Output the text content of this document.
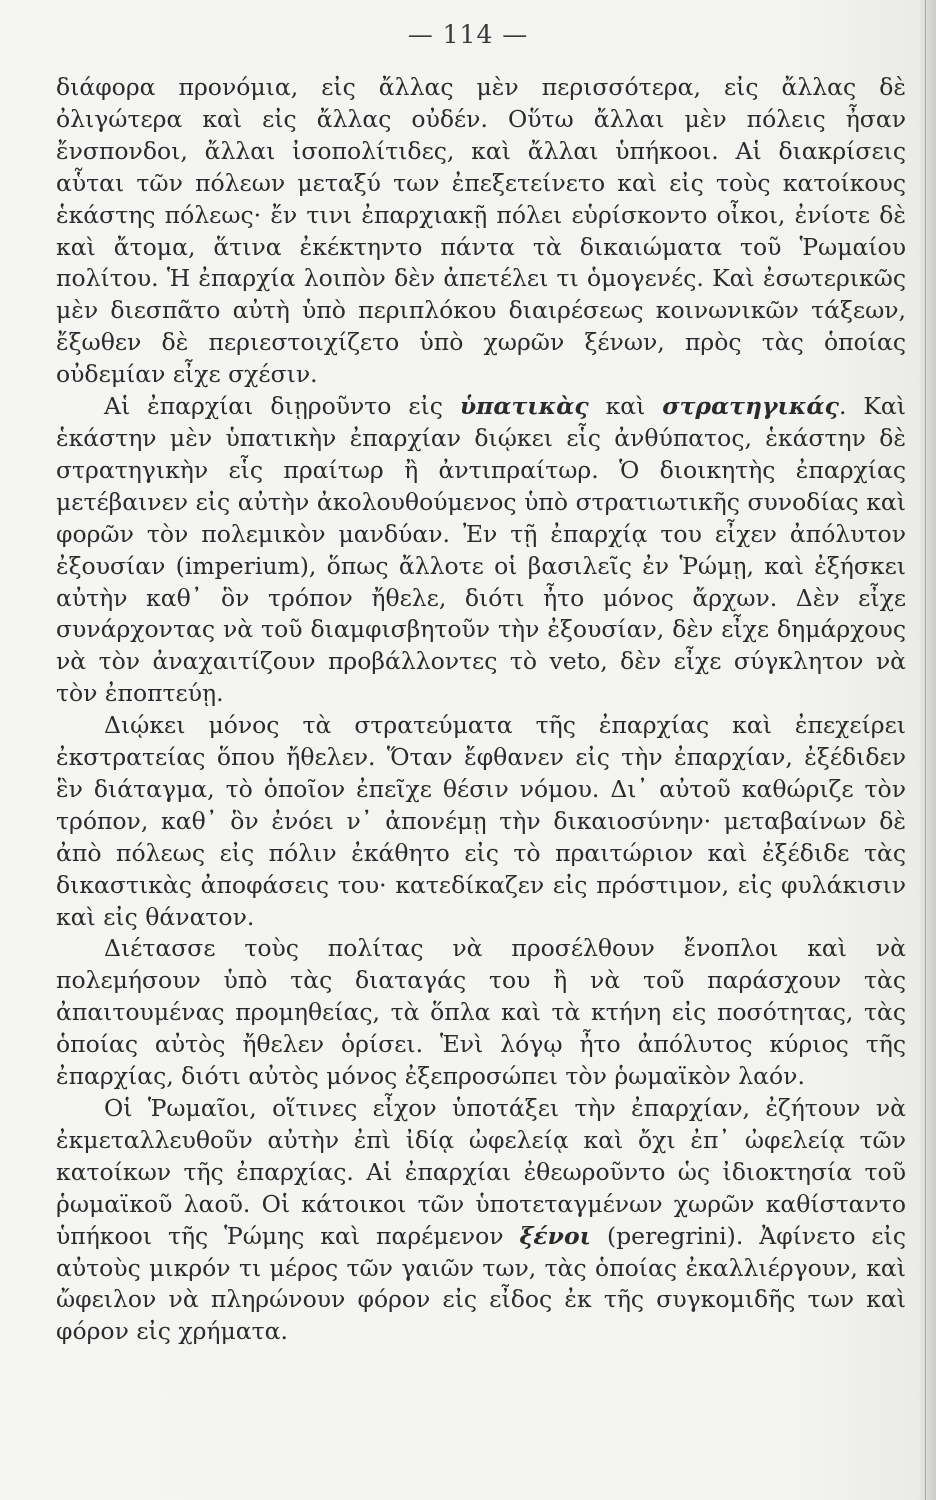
— 114 —

διάφορα προνόμια, εἰς ἄλλας μὲν περισσότερα, εἰς ἄλλας δὲ ὀλιγώτερα καὶ εἰς ἄλλας οὐδέν. Οὕτω ἄλλαι μὲν πόλεις ἦσαν ἔνσπονδοι, ἄλλαι ἰσοπολίτιδες, καὶ ἄλλαι ὑπήκοοι. Αἱ διακρίσεις αὗται τῶν πόλεων μεταξύ των ἐπεξετείνετο καὶ εἰς τοὺς κατοίκους ἑκάστης πόλεως· ἔν τινι ἐπαρχιακῇ πόλει εὑρίσκοντο οἶκοι, ἐνίοτε δὲ καὶ ἄτομα, ἅτινα ἐκέκτηντο πάντα τὰ δικαιώματα τοῦ Ῥωμαίου πολίτου. Ἡ ἐπαρχία λοιπὸν δὲν ἀπετέλει τι ὁμογενές. Καὶ ἐσωτερικῶς μὲν διεσπᾶτο αὐτὴ ὑπὸ περιπλόκου διαιρέσεως κοινωνικῶν τάξεων, ἔξωθεν δὲ περιεστοιχίζετο ὑπὸ χωρῶν ξένων, πρὸς τὰς ὁποίας οὐδεμίαν εἶχε σχέσιν.

Αἱ ἐπαρχίαι διῃροῦντο εἰς ὑπατικὰς καὶ στρατηγικάς. Καὶ ἑκάστην μὲν ὑπατικὴν ἐπαρχίαν διῴκει εἷς ἀνθύπατος, ἑκάστην δὲ στρατηγικὴν εἷς πραίτωρ ἢ ἀντιπραίτωρ. Ὁ διοικητὴς ἐπαρχίας μετέβαινεν εἰς αὐτὴν ἀκολουθούμενος ὑπὸ στρατιωτικῆς συνοδίας καὶ φορῶν τὸν πολεμικὸν μανδύαν. Ἐν τῇ ἐπαρχίᾳ του εἶχεν ἀπόλυτον ἐξουσίαν (imperium), ὅπως ἄλλοτε οἱ βασιλεῖς ἐν Ῥώμῃ, καὶ ἐξήσκει αὐτὴν καθ᾽ ὃν τρόπον ἤθελε, διότι ἦτο μόνος ἄρχων. Δὲν εἶχε συνάρχοντας νὰ τοῦ διαμφισβητοῦν τὴν ἐξουσίαν, δὲν εἶχε δημάρχους νὰ τὸν ἀναχαιτίζουν προβάλλοντες τὸ veto, δὲν εἶχε σύγκλητον νὰ τὸν ἐποπτεύῃ.

Διῴκει μόνος τὰ στρατεύματα τῆς ἐπαρχίας καὶ ἐπεχείρει ἐκστρατείας ὅπου ἤθελεν. Ὅταν ἔφθανεν εἰς τὴν ἐπαρχίαν, ἐξέδιδεν ἓν διάταγμα, τὸ ὁποῖον ἐπεῖχε θέσιν νόμου. Δι᾽ αὐτοῦ καθώριζε τὸν τρόπον, καθ᾽ ὃν ἐνόει ν᾽ ἀπονέμῃ τὴν δικαιοσύνην· μεταβαίνων δὲ ἀπὸ πόλεως εἰς πόλιν ἐκάθητο εἰς τὸ πραιτώριον καὶ ἐξέδιδε τὰς δικαστικὰς ἀποφάσεις του· κατεδίκαζεν εἰς πρόστιμον, εἰς φυλάκισιν καὶ εἰς θάνατον.

Διέτασσε τοὺς πολίτας νὰ προσέλθουν ἔνοπλοι καὶ νὰ πολεμήσουν ὑπὸ τὰς διαταγάς του ἢ νὰ τοῦ παράσχουν τὰς ἀπαιτουμένας προμηθείας, τὰ ὅπλα καὶ τὰ κτήνη εἰς ποσότητας, τὰς ὁποίας αὐτὸς ἤθελεν ὁρίσει. Ἑνὶ λόγῳ ἦτο ἀπόλυτος κύριος τῆς ἐπαρχίας, διότι αὐτὸς μόνος ἐξεπροσώπει τὸν ῥωμαϊκὸν λαόν.

Οἱ Ῥωμαῖοι, οἵτινες εἶχον ὑποτάξει τὴν ἐπαρχίαν, ἐζήτουν νὰ ἐκμεταλλευθοῦν αὐτὴν ἐπὶ ἰδίᾳ ὠφελείᾳ καὶ ὄχι ἐπ᾽ ὠφελείᾳ τῶν κατοίκων τῆς ἐπαρχίας. Αἱ ἐπαρχίαι ἐθεωροῦντο ὡς ἰδιοκτησία τοῦ ῥωμαϊκοῦ λαοῦ. Οἱ κάτοικοι τῶν ὑποτεταγμένων χωρῶν καθίσταντο ὑπήκοοι τῆς Ῥώμης καὶ παρέμενον ξένοι (peregrini). Ἀφίνετο εἰς αὐτοὺς μικρόν τι μέρος τῶν γαιῶν των, τὰς ὁποίας ἐκαλλιέργουν, καὶ ὤφειλον νὰ πληρώνουν φόρον εἰς εἶδος ἐκ τῆς συγκομιδῆς των καὶ φόρον εἰς χρήματα.
